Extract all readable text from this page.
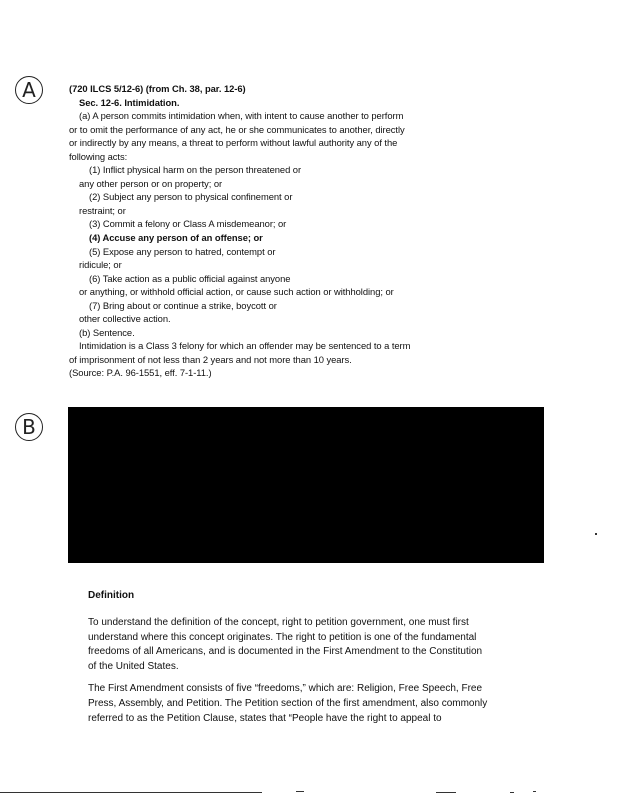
A
B
(720 ILCS 5/12-6) (from Ch. 38, par. 12-6)
Sec. 12-6. Intimidation.
(a) A person commits intimidation when, with intent to cause another to perform
or to omit the performance of any act, he or she communicates to another, directly
or indirectly by any means, a threat to perform without lawful authority any of the
following acts:
(1) Inflict physical harm on the person threatened or
any other person or on property; or
(2) Subject any person to physical confinement or
restraint; or
(3) Commit a felony or Class A misdemeanor; or
(4) Accuse any person of an offense; or
(5) Expose any person to hatred, contempt or
ridicule; or
(6) Take action as a public official against anyone
or anything, or withhold official action, or cause such action or withholding; or
(7) Bring about or continue a strike, boycott or
other collective action.
(b) Sentence.
Intimidation is a Class 3 felony for which an offender may be sentenced to a term
of imprisonment of not less than 2 years and not more than 10 years.
(Source: P.A. 96-1551, eff. 7-1-11.)
Definition
To understand the definition of the concept, right to petition government, one must first
understand where this concept originates. The right to petition is one of the fundamental
freedoms of all Americans, and is documented in the First Amendment to the Constitution
of the United States.
The First Amendment consists of five “freedoms,” which are: Religion, Free Speech, Free
Press, Assembly, and Petition. The Petition section of the first amendment, also commonly
referred to as the Petition Clause, states that “People have the right to appeal to
